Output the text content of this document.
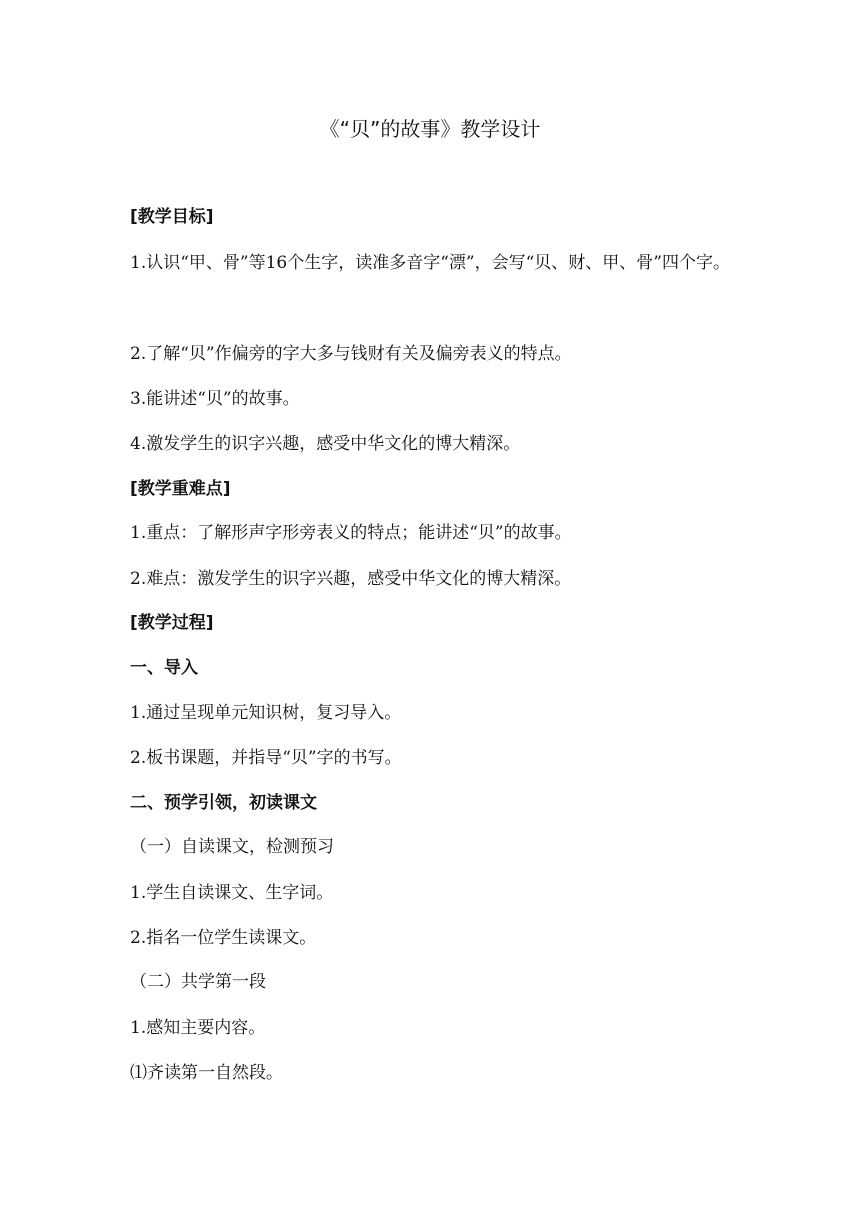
《“贝”的故事》教学设计

[教学目标]

1.认识“甲、骨”等16个生字，读准多音字“漂”，会写“贝、财、甲、骨”四个字。

2.了解“贝”作偏旁的字大多与钱财有关及偏旁表义的特点。

3.能讲述“贝”的故事。

4.激发学生的识字兴趣，感受中华文化的博大精深。

[教学重难点]

1.重点：了解形声字形旁表义的特点；能讲述“贝”的故事。

2.难点：激发学生的识字兴趣，感受中华文化的博大精深。

[教学过程]

一、导入

1.通过呈现单元知识树，复习导入。

2.板书课题，并指导“贝”字的书写。

二、预学引领，初读课文

（一）自读课文，检测预习

1.学生自读课文、生字词。

2.指名一位学生读课文。

（二）共学第一段

1.感知主要内容。

⑴齐读第一自然段。
